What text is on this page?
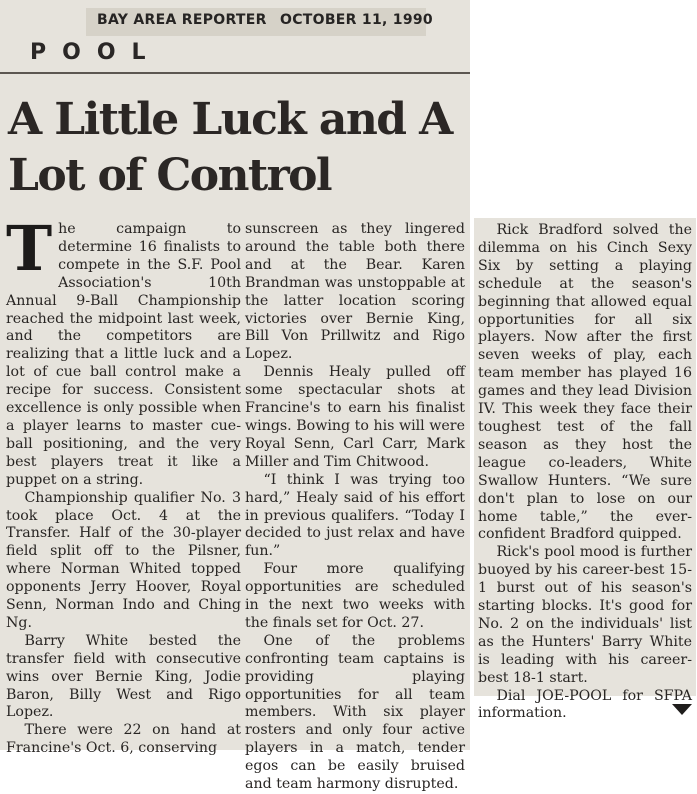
BAY AREA REPORTER OCTOBER 11, 1990
POOL
A Little Luck and A Lot of Control

The campaign to determine 16 finalists to compete in the S.F. Pool Association's 10th Annual 9-Ball Championship reached the midpoint last week, and the competitors are realizing that a little luck and a lot of cue ball control make a recipe for success. Consistent excellence is only possible when a player learns to master cue-ball positioning, and the very best players treat it like a puppet on a string.

Championship qualifier No. 3 took place Oct. 4 at the Transfer. Half of the 30-player field split off to the Pilsner, where Norman Whited topped opponents Jerry Hoover, Royal Senn, Norman Indo and Ching Ng.

Barry White bested the transfer field with consecutive wins over Bernie King, Jodie Baron, Billy West and Rigo Lopez.

There were 22 on hand at Francine's Oct. 6, conserving

sunscreen as they lingered around the table both there and at the Bear. Karen Brandman was unstoppable at the latter location scoring victories over Bernie King, Bill Von Prillwitz and Rigo Lopez.

Dennis Healy pulled off some spectacular shots at Francine's to earn his finalist wings. Bowing to his will were Royal Senn, Carl Carr, Mark Miller and Tim Chitwood.

“I think I was trying too hard,” Healy said of his effort in previous qualifers. “Today I decided to just relax and have fun.”

Four more qualifying opportunities are scheduled in the next two weeks with the finals set for Oct. 27.

One of the problems confronting team captains is providing playing opportunities for all team members. With six player rosters and only four active players in a match, tender egos can be easily bruised and team harmony disrupted.

Rick Bradford solved the dilemma on his Cinch Sexy Six by setting a playing schedule at the season's beginning that allowed equal opportunities for all six players. Now after the first seven weeks of play, each team member has played 16 games and they lead Division IV. This week they face their toughest test of the fall season as they host the league co-leaders, White Swallow Hunters. “We sure don't plan to lose on our home table,” the ever-confident Bradford quipped.

Rick's pool mood is further buoyed by his career-best 15-1 burst out of his season's starting blocks. It's good for No. 2 on the individuals' list as the Hunters' Barry White is leading with his career-best 18-1 start.

Dial JOE-POOL for SFPA information.
